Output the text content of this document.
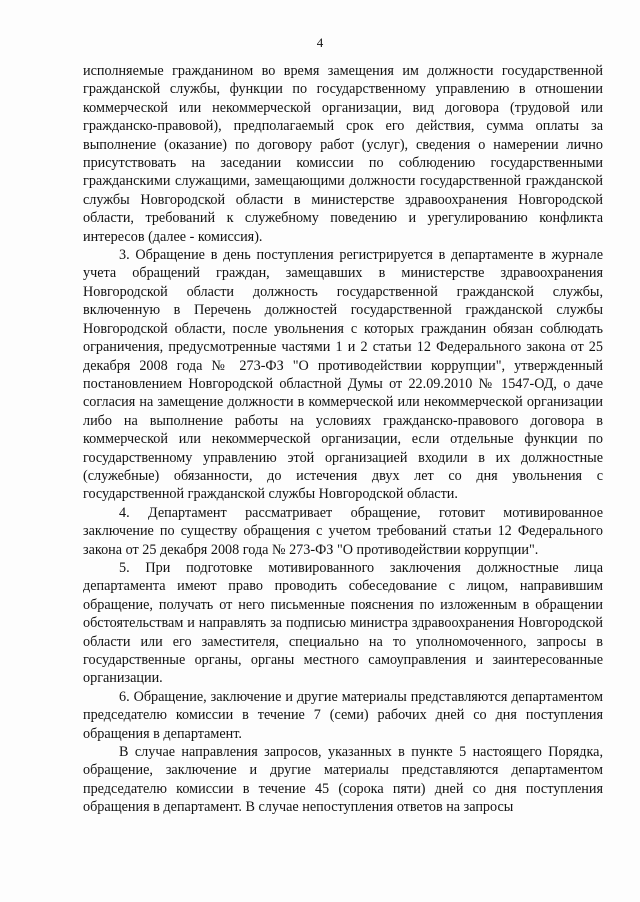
4

исполняемые гражданином во время замещения им должности государственной гражданской службы, функции по государственному управлению в отношении коммерческой или некоммерческой организации, вид договора (трудовой или гражданско-правовой), предполагаемый срок его действия, сумма оплаты за выполнение (оказание) по договору работ (услуг), сведения о намерении лично присутствовать на заседании комиссии по соблюдению государственными гражданскими служащими, замещающими должности государственной гражданской службы Новгородской области в министерстве здравоохранения Новгородской области, требований к служебному поведению и урегулированию конфликта интересов (далее - комиссия).

3. Обращение в день поступления регистрируется в департаменте в журнале учета обращений граждан, замещавших в министерстве здравоохранения Новгородской области должность государственной гражданской службы, включенную в Перечень должностей государственной гражданской службы Новгородской области, после увольнения с которых гражданин обязан соблюдать ограничения, предусмотренные частями 1 и 2 статьи 12 Федерального закона от 25 декабря 2008 года № 273-ФЗ "О противодействии коррупции", утвержденный постановлением Новгородской областной Думы от 22.09.2010 № 1547-ОД, о даче согласия на замещение должности в коммерческой или некоммерческой организации либо на выполнение работы на условиях гражданско-правового договора в коммерческой или некоммерческой организации, если отдельные функции по государственному управлению этой организацией входили в их должностные (служебные) обязанности, до истечения двух лет со дня увольнения с государственной гражданской службы Новгородской области.

4. Департамент рассматривает обращение, готовит мотивированное заключение по существу обращения с учетом требований статьи 12 Федерального закона от 25 декабря 2008 года № 273-ФЗ "О противодействии коррупции".

5. При подготовке мотивированного заключения должностные лица департамента имеют право проводить собеседование с лицом, направившим обращение, получать от него письменные пояснения по изложенным в обращении обстоятельствам и направлять за подписью министра здравоохранения Новгородской области или его заместителя, специально на то уполномоченного, запросы в государственные органы, органы местного самоуправления и заинтересованные организации.

6. Обращение, заключение и другие материалы представляются департаментом председателю комиссии в течение 7 (семи) рабочих дней со дня поступления обращения в департамент.

В случае направления запросов, указанных в пункте 5 настоящего Порядка, обращение, заключение и другие материалы представляются департаментом председателю комиссии в течение 45 (сорока пяти) дней со дня поступления обращения в департамент. В случае непоступления ответов на запросы
